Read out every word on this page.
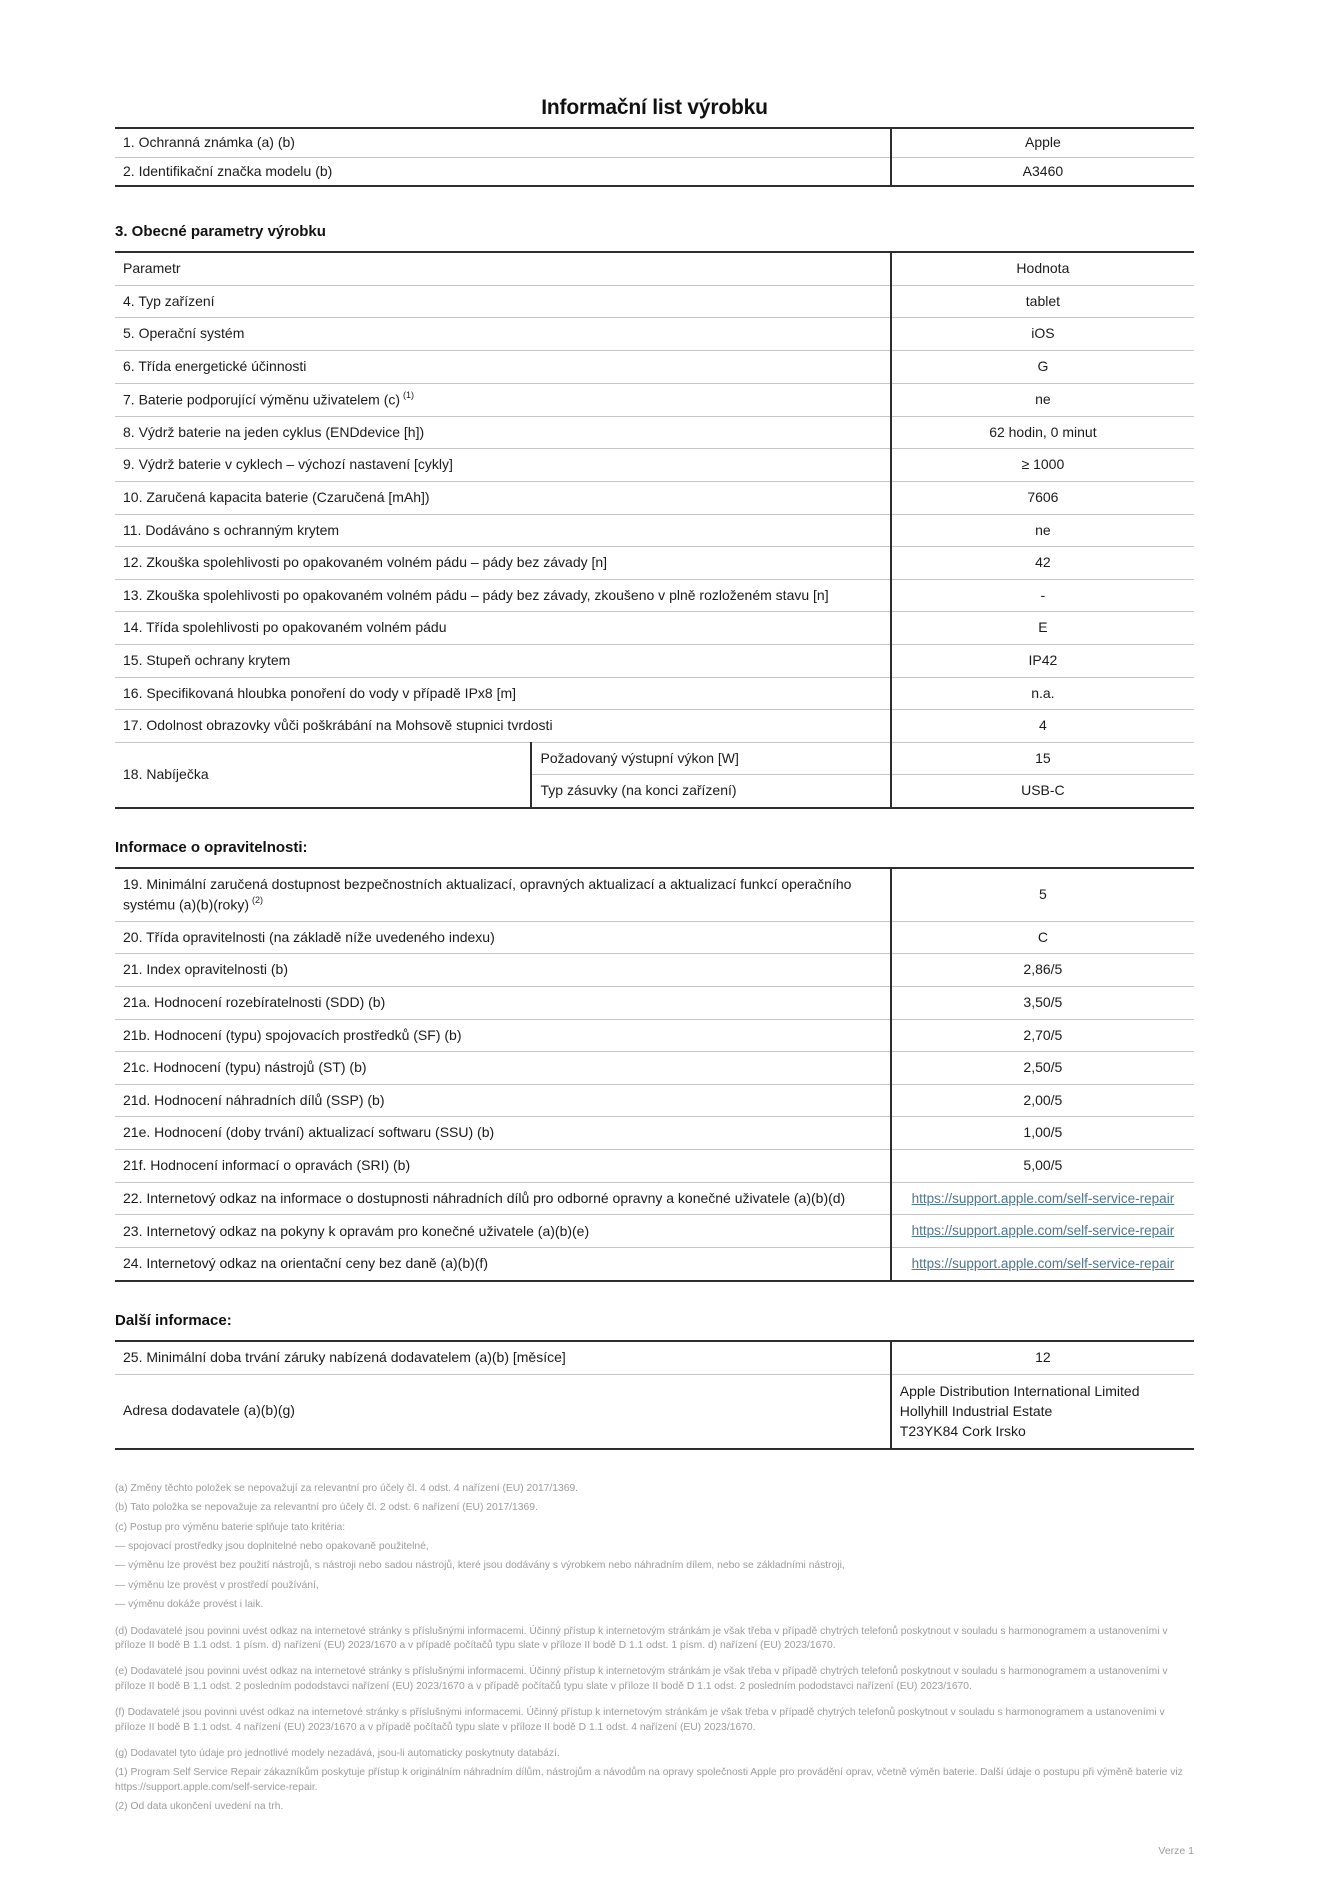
Informační list výrobku
1. Ochranná známka (a) (b)	Apple
2. Identifikační značka modelu (b)	A3460
3. Obecné parametry výrobku
Parametr		Hodnota
4. Typ zařízení		tablet
5. Operační systém		iOS
6. Třída energetické účinnosti		G
7. Baterie podporující výměnu uživatelem (c) $^{(1)}$		ne
8. Výdrž baterie na jeden cyklus (ENDdevice [h])		62 hodin, 0 minut
9. Výdrž baterie v cyklech – výchozí nastavení [cykly]		≥ 1000
10. Zaručená kapacita baterie (Czaručená [mAh])		7606
11. Dodáváno s ochranným krytem		ne
12. Zkouška spolehlivosti po opakovaném volném pádu – pády bez závady [n]		42
13. Zkouška spolehlivosti po opakovaném volném pádu – pády bez závady, zkoušeno v plně rozloženém stavu [n]		-
14. Třída spolehlivosti po opakovaném volném pádu		E
15. Stupeň ochrany krytem		IP42
16. Specifikovaná hloubka ponoření do vody v případě IPx8 [m]		n.a.
17. Odolnost obrazovky vůči poškrábání na Mohsově stupnici tvrdosti		4
18. Nabíječka	Požadovaný výstupní výkon [W]	15
	Typ zásuvky (na konci zařízení)	USB-C
Informace o opravitelnosti:
19. Minimální zaručená dostupnost bezpečnostních aktualizací, opravných aktualizací a aktualizací funkcí operačního systému (a)(b)(roky) $^{(2)}$	5
20. Třída opravitelnosti (na základě níže uvedeného indexu)	C
21. Index opravitelnosti (b)	2,86/5
21a. Hodnocení rozebíratelnosti (SDD) (b)	3,50/5
21b. Hodnocení (typu) spojovacích prostředků (SF) (b)	2,70/5
21c. Hodnocení (typu) nástrojů (ST) (b)	2,50/5
21d. Hodnocení náhradních dílů (SSP) (b)	2,00/5
21e. Hodnocení (doby trvání) aktualizací softwaru (SSU) (b)	1,00/5
21f. Hodnocení informací o opravách (SRI) (b)	5,00/5
22. Internetový odkaz na informace o dostupnosti náhradních dílů pro odborné opravny a konečné uživatele (a)(b)(d)	https://support.apple.com/self-service-repair
23. Internetový odkaz na pokyny k opravám pro konečné uživatele (a)(b)(e)	https://support.apple.com/self-service-repair
24. Internetový odkaz na orientační ceny bez daně (a)(b)(f)	https://support.apple.com/self-service-repair
Další informace:
25. Minimální doba trvání záruky nabízená dodavatelem (a)(b) [měsíce]	12
Adresa dodavatele (a)(b)(g)	Apple Distribution International Limited
Hollyhill Industrial Estate
T23YK84 Cork Irsko

(a) Změny těchto položek se nepovažují za relevantní pro účely čl. 4 odst. 4 nařízení (EU) 2017/1369.

(b) Tato položka se nepovažuje za relevantní pro účely čl. 2 odst. 6 nařízení (EU) 2017/1369.

(c) Postup pro výměnu baterie splňuje tato kritéria:

— spojovací prostředky jsou doplnitelné nebo opakovaně použitelné,

— výměnu lze provést bez použití nástrojů, s nástroji nebo sadou nástrojů, které jsou dodávány s výrobkem nebo náhradním dílem, nebo se základními nástroji,

— výměnu lze provést v prostředí používání,

— výměnu dokáže provést i laik.

(d) Dodavatelé jsou povinni uvést odkaz na internetové stránky s příslušnými informacemi. Účinný přístup k internetovým stránkám je však třeba v případě chytrých telefonů poskytnout v souladu s harmonogramem a ustanoveními v příloze II bodě B 1.1 odst. 1 písm. d) nařízení (EU) 2023/1670 a v případě počítačů typu slate v příloze II bodě D 1.1 odst. 1 písm. d) nařízení (EU) 2023/1670.

(e) Dodavatelé jsou povinni uvést odkaz na internetové stránky s příslušnými informacemi. Účinný přístup k internetovým stránkám je však třeba v případě chytrých telefonů poskytnout v souladu s harmonogramem a ustanoveními v příloze II bodě B 1.1 odst. 2 posledním pododstavci nařízení (EU) 2023/1670 a v případě počítačů typu slate v příloze II bodě D 1.1 odst. 2 posledním pododstavci nařízení (EU) 2023/1670.

(f) Dodavatelé jsou povinni uvést odkaz na internetové stránky s příslušnými informacemi. Účinný přístup k internetovým stránkám je však třeba v případě chytrých telefonů poskytnout v souladu s harmonogramem a ustanoveními v příloze II bodě B 1.1 odst. 4 nařízení (EU) 2023/1670 a v případě počítačů typu slate v příloze II bodě D 1.1 odst. 4 nařízení (EU) 2023/1670.

(g) Dodavatel tyto údaje pro jednotlivé modely nezadává, jsou-li automaticky poskytnuty databází.

(1) Program Self Service Repair zákazníkům poskytuje přístup k originálním náhradním dílům, nástrojům a návodům na opravy společnosti Apple pro provádění oprav, včetně výměn baterie. Další údaje o postupu při výměně baterie viz https://support.apple.com/self-service-repair.

(2) Od data ukončení uvedení na trh.

Verze 1
